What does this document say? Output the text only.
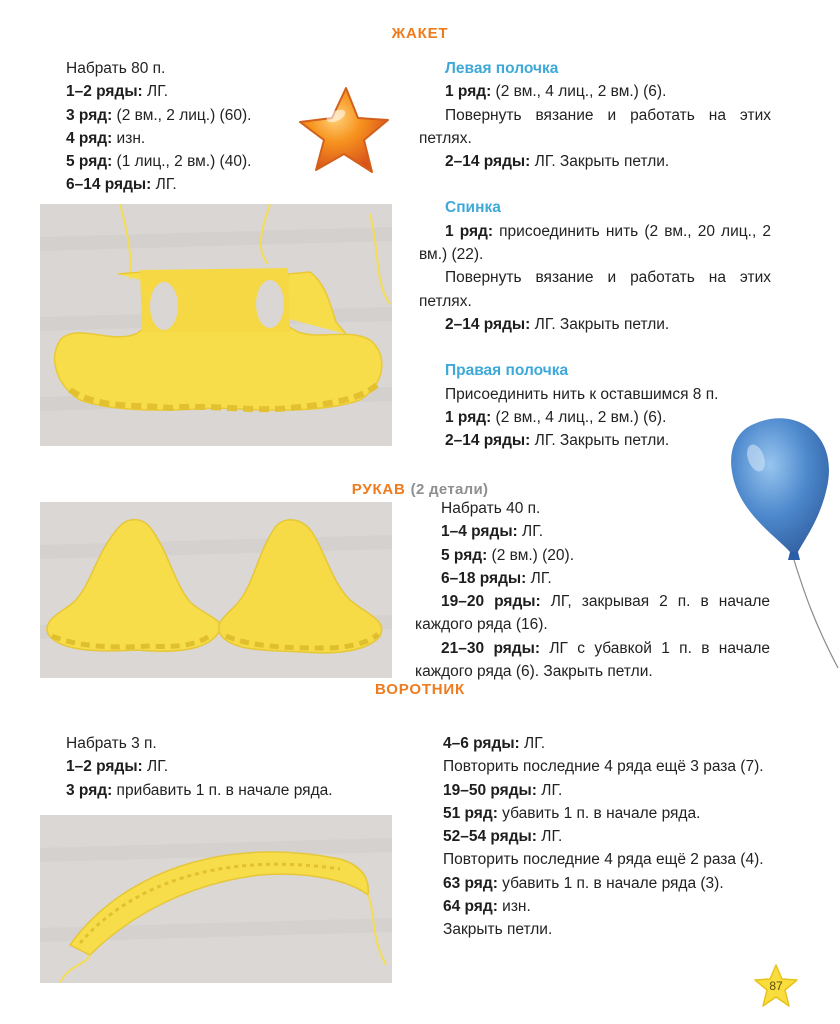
ЖАКЕТ

Набрать 80 п.

1–2 ряды: ЛГ.

3 ряд: (2 вм., 2 лиц.) (60).

4 ряд: изн.

5 ряд: (1 лиц., 2 вм.) (40).

6–14 ряды: ЛГ.

Левая полочка

1 ряд: (2 вм., 4 лиц., 2 вм.) (6).

Повернуть вязание и работать на этих петлях.

2–14 ряды: ЛГ. Закрыть петли.

Спинка

1 ряд: присоединить нить (2 вм., 20 лиц., 2 вм.) (22).

Повернуть вязание и работать на этих петлях.

2–14 ряды: ЛГ. Закрыть петли.

Правая полочка

Присоединить нить к оставшимся 8 п.

1 ряд: (2 вм., 4 лиц., 2 вм.) (6).

2–14 ряды: ЛГ. Закрыть петли.

РУКАВ (2 детали)

Набрать 40 п.

1–4 ряды: ЛГ.

5 ряд: (2 вм.) (20).

6–18 ряды: ЛГ.

19–20 ряды: ЛГ, закрывая 2 п. в начале каждого ряда (16).

21–30 ряды: ЛГ с убавкой 1 п. в начале каждого ряда (6). Закрыть петли.

ВОРОТНИК

Набрать 3 п.

1–2 ряды: ЛГ.

3 ряд: прибавить 1 п. в начале ряда.

4–6 ряды: ЛГ.

Повторить последние 4 ряда ещё 3 раза (7).

19–50 ряды: ЛГ.

51 ряд: убавить 1 п. в начале ряда.

52–54 ряды: ЛГ.

Повторить последние 4 ряда ещё 2 раза (4).

63 ряд: убавить 1 п. в начале ряда (3).

64 ряд: изн.

Закрыть петли.

87
